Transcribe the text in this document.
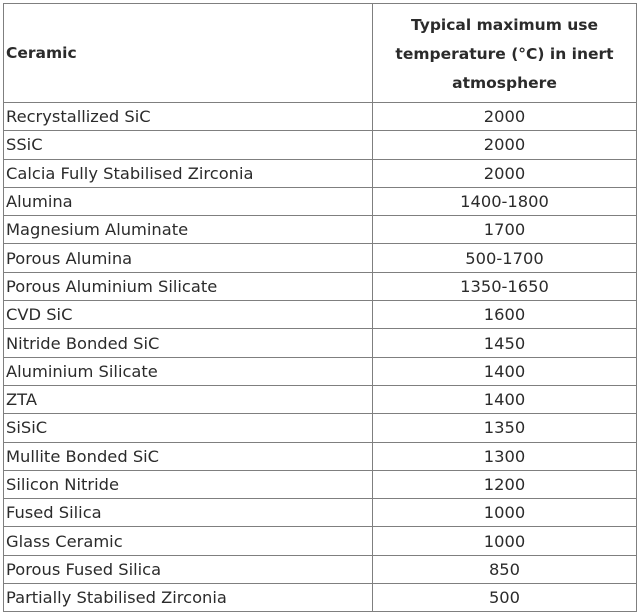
Ceramic	Typical maximum use temperature (°C) in inert atmosphere
Recrystallized SiC	2000
SSiC	2000
Calcia Fully Stabilised Zirconia	2000
Alumina	1400-1800
Magnesium Aluminate	1700
Porous Alumina	500-1700
Porous Aluminium Silicate	1350-1650
CVD SiC	1600
Nitride Bonded SiC	1450
Aluminium Silicate	1400
ZTA	1400
SiSiC	1350
Mullite Bonded SiC	1300
Silicon Nitride	1200
Fused Silica	1000
Glass Ceramic	1000
Porous Fused Silica	850
Partially Stabilised Zirconia	500
